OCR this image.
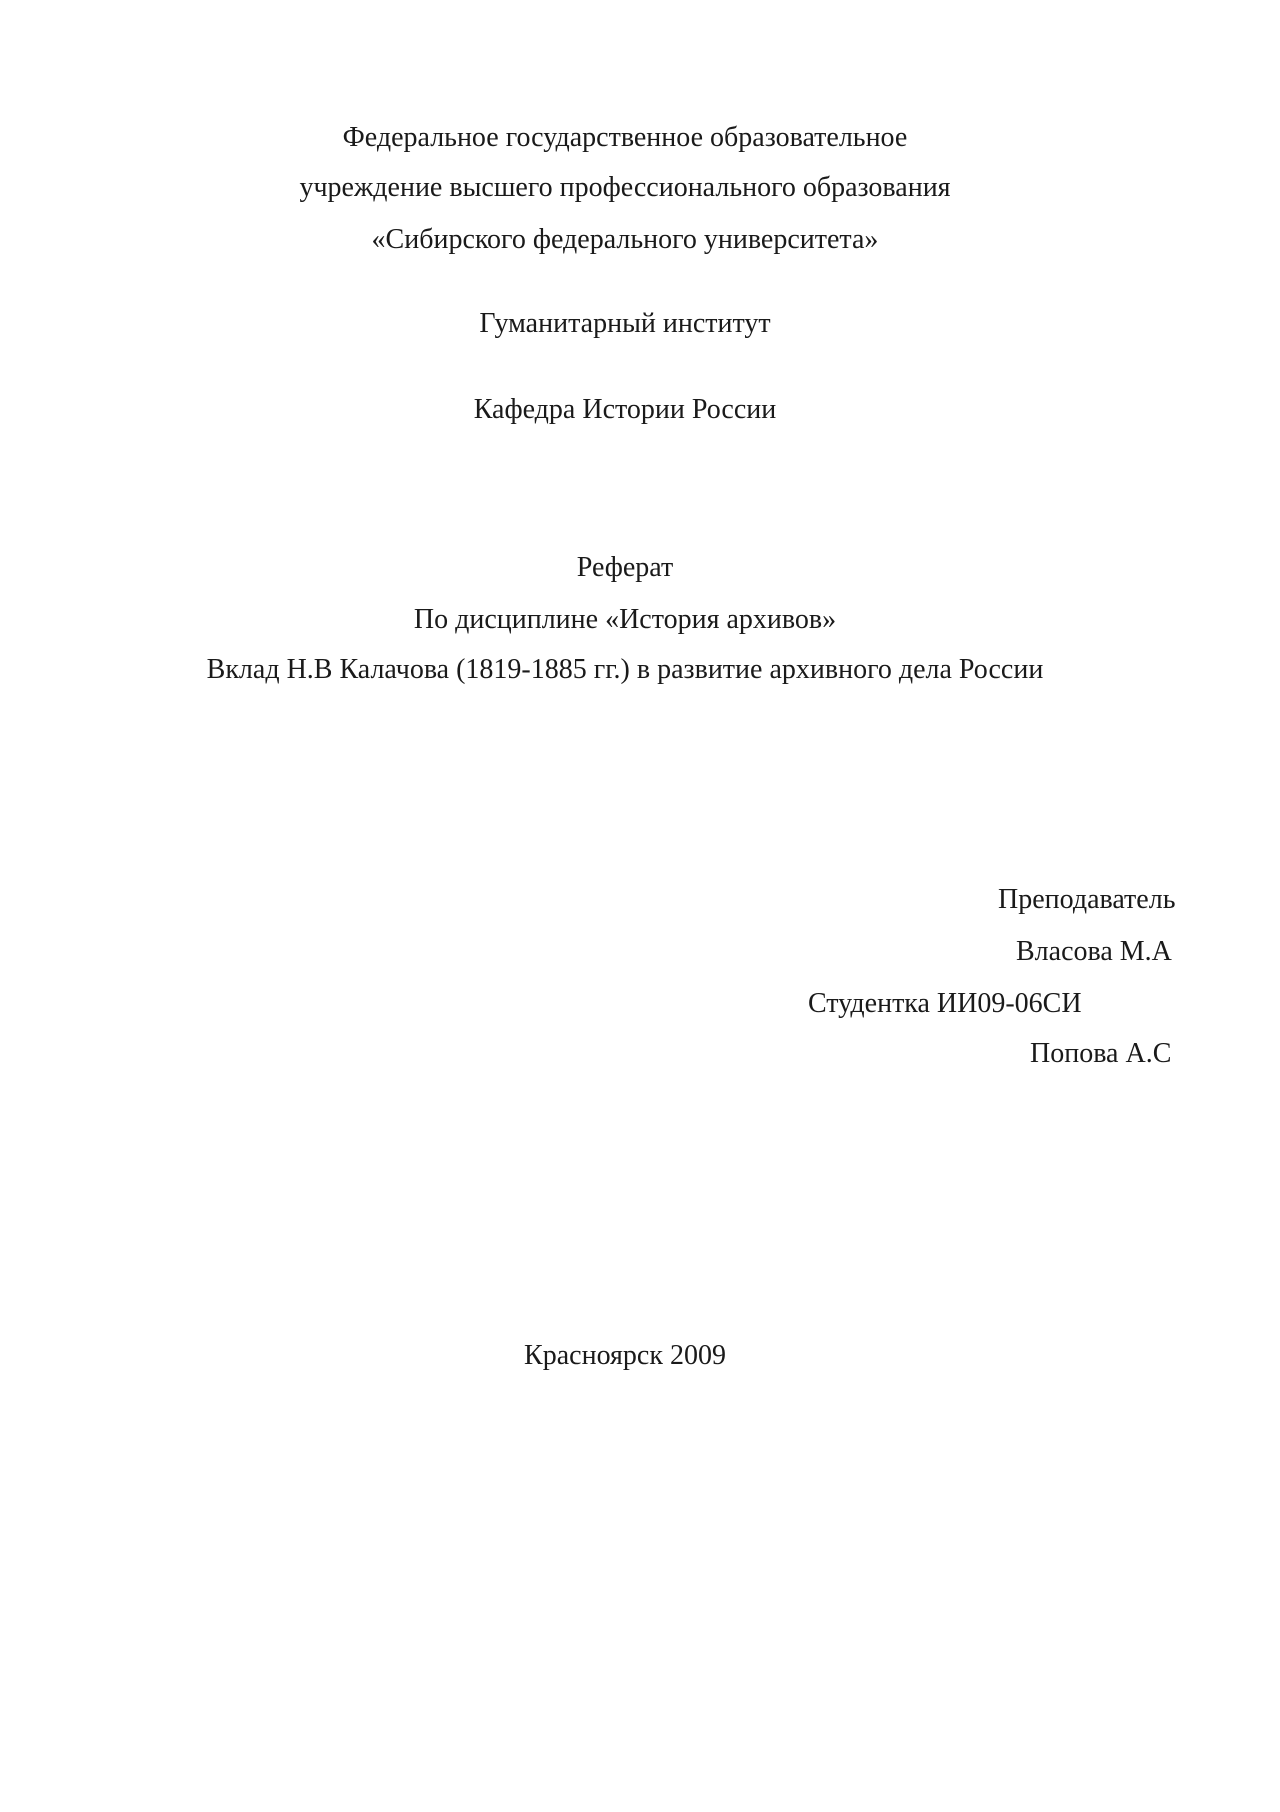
Федеральное государственное образовательное
учреждение высшего профессионального образования
«Сибирского федерального университета»
Гуманитарный институт
Кафедра Истории России
Реферат
По дисциплине «История архивов»
Вклад Н.В Калачова (1819-1885 гг.) в развитие архивного дела России
Преподаватель
Власова М.А
Студентка ИИ09-06СИ
Попова А.С
Красноярск 2009
